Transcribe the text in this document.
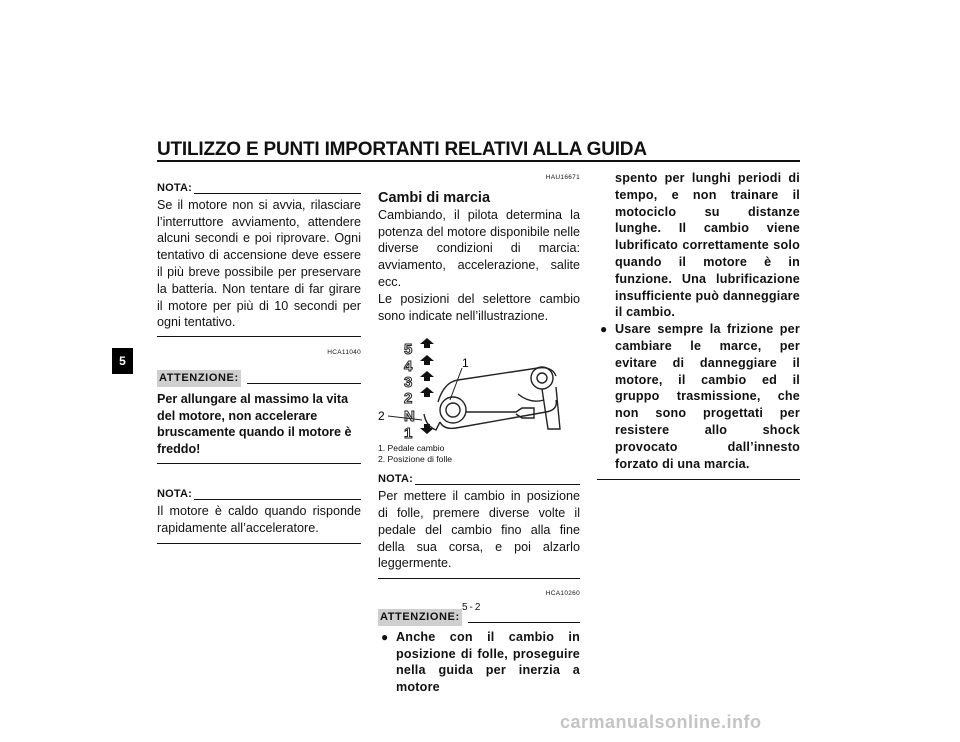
UTILIZZO E PUNTI IMPORTANTI RELATIVI ALLA GUIDA
5
NOTA:
Se il motore non si avvia, rilasciare l’interruttore avviamento, attendere alcuni secondi e poi riprovare. Ogni tentativo di accensione deve essere il più breve possibile per preservare la batteria. Non tentare di far girare il motore per più di 10 secondi per ogni tentativo.
HCA11040
ATTENZIONE:
Per allungare al massimo la vita del motore, non accelerare bruscamente quando il motore è freddo!
NOTA:
Il motore è caldo quando risponde rapidamente all’acceleratore.
HAU16671
Cambi di marcia
Cambiando, il pilota determina la potenza del motore disponibile nelle diverse condizioni di marcia: avviamento, accelerazione, salite ecc.
Le posizioni del selettore cambio sono indicate nell’illustrazione.
5
4
3
2
N
1
1
2
1. Pedale cambio
2. Posizione di folle
NOTA:
Per mettere il cambio in posizione di folle, premere diverse volte il pedale del cambio fino alla fine della sua corsa, e poi alzarlo leggermente.
HCA10260
ATTENZIONE:
● Anche con il cambio in posizione di folle, proseguire nella guida per inerzia a motore
spento per lunghi periodi di tempo, e non trainare il motociclo su distanze lunghe. Il cambio viene lubrificato correttamente solo quando il motore è in funzione. Una lubrificazione insufficiente può danneggiare il cambio.
● Usare sempre la frizione per cambiare le marce, per evitare di danneggiare il motore, il cambio ed il gruppo trasmissione, che non sono progettati per resistere allo shock provocato dall’innesto forzato di una marcia.
5-2
carmanualsonline.info
